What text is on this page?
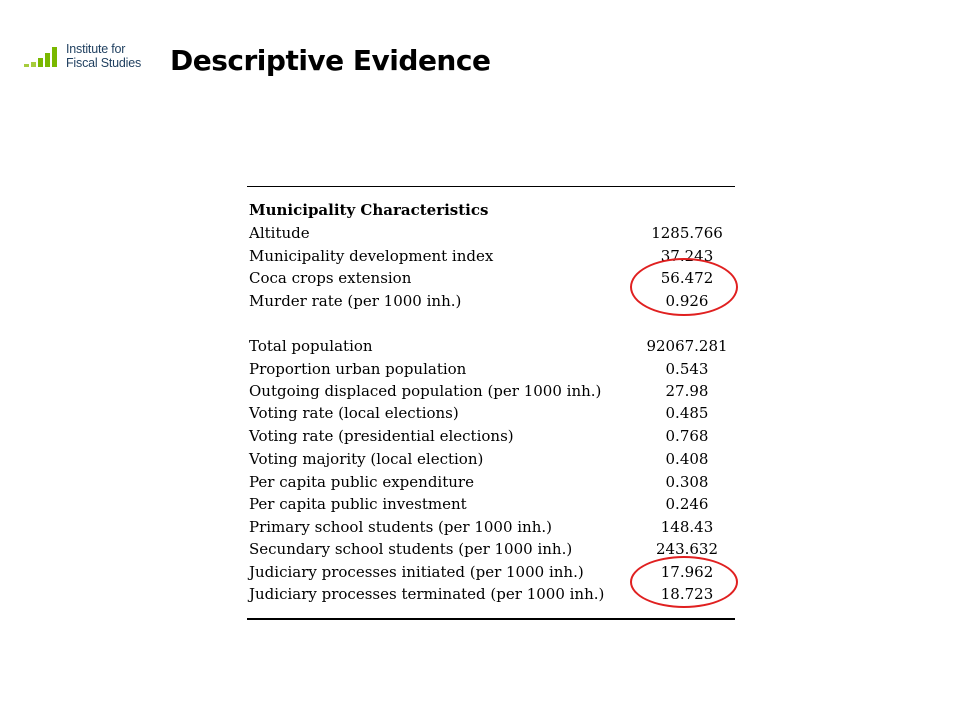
Institute for
Fiscal Studies Descriptive Evidence
Municipality Characteristics
Altitude	1285.766
Municipality development index	37.243
Coca crops extension	56.472
Murder rate (per 1000 inh.)	0.926
Total population	92067.281
Proportion urban population	0.543
Outgoing displaced population (per 1000 inh.)	27.98
Voting rate (local elections)	0.485
Voting rate (presidential elections)	0.768
Voting majority (local election)	0.408
Per capita public expenditure	0.308
Per capita public investment	0.246
Primary school students (per 1000 inh.)	148.43
Secundary school students (per 1000 inh.)	243.632
Judiciary processes initiated (per 1000 inh.)	17.962
Judiciary processes terminated (per 1000 inh.)	18.723
